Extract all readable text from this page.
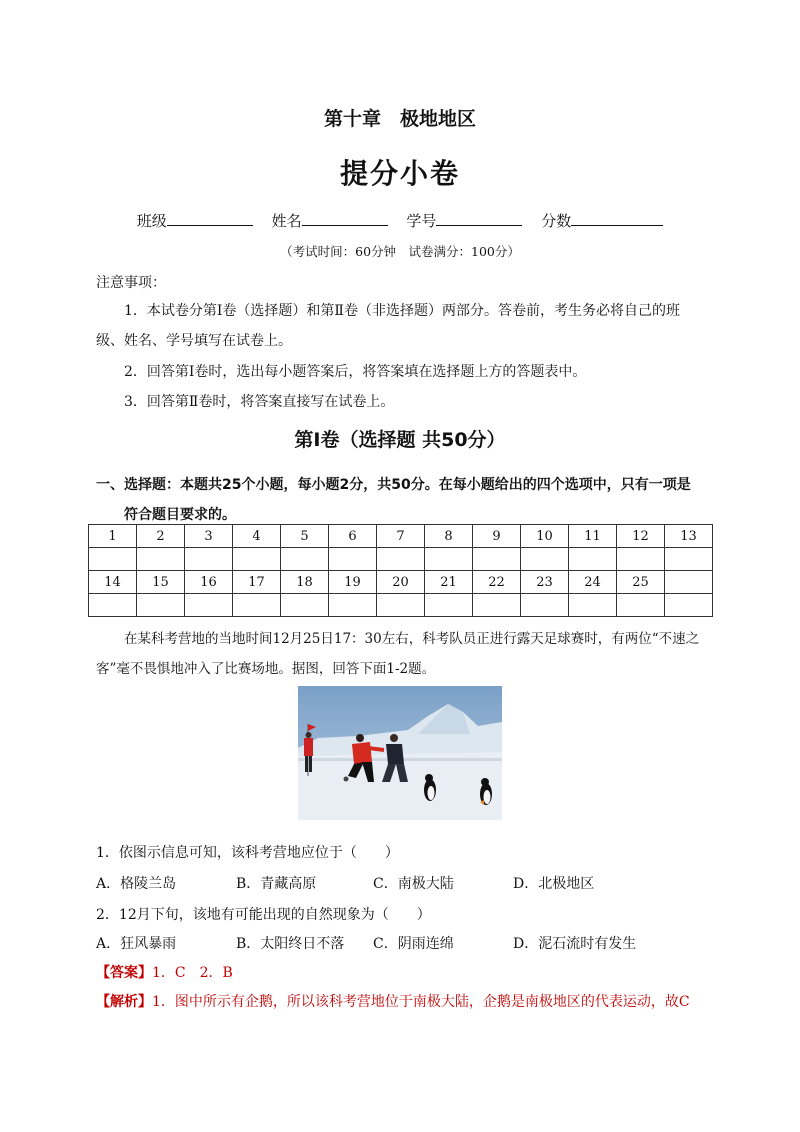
第十章　极地地区
提分小卷
班级	姓名	学号	分数
（考试时间：60分钟　试卷满分：100分）
注意事项：
1．本试卷分第Ⅰ卷（选择题）和第Ⅱ卷（非选择题）两部分。答卷前，考生务必将自己的班级、姓名、学号填写在试卷上。
2．回答第Ⅰ卷时，选出每小题答案后，将答案填在选择题上方的答题表中。
3．回答第Ⅱ卷时，将答案直接写在试卷上。
第Ⅰ卷（选择题 共50分）
一、选择题：本题共25个小题，每小题2分，共50分。在每小题给出的四个选项中，只有一项是
符合题目要求的。
1	2	3	4	5	6	7	8	9	10	11	12	13

14	15	16	17	18	19	20	21	22	23	24	25	

在某科考营地的当地时间12月25日17：30左右，科考队员正进行露天足球赛时，有两位“不速之客”毫不畏惧地冲入了比赛场地。据图，回答下面1-2题。
1．依图示信息可知，该科考营地应位于（　　）
A．格陵兰岛	B．青藏高原	C．南极大陆	D．北极地区
2．12月下旬，该地有可能出现的自然现象为（　　）
A．狂风暴雨	B．太阳终日不落 C．阴雨连绵	D．泥石流时有发生
【答案】1．C　2．B
【解析】1．图中所示有企鹅，所以该科考营地位于南极大陆，企鹅是南极地区的代表运动，故C
